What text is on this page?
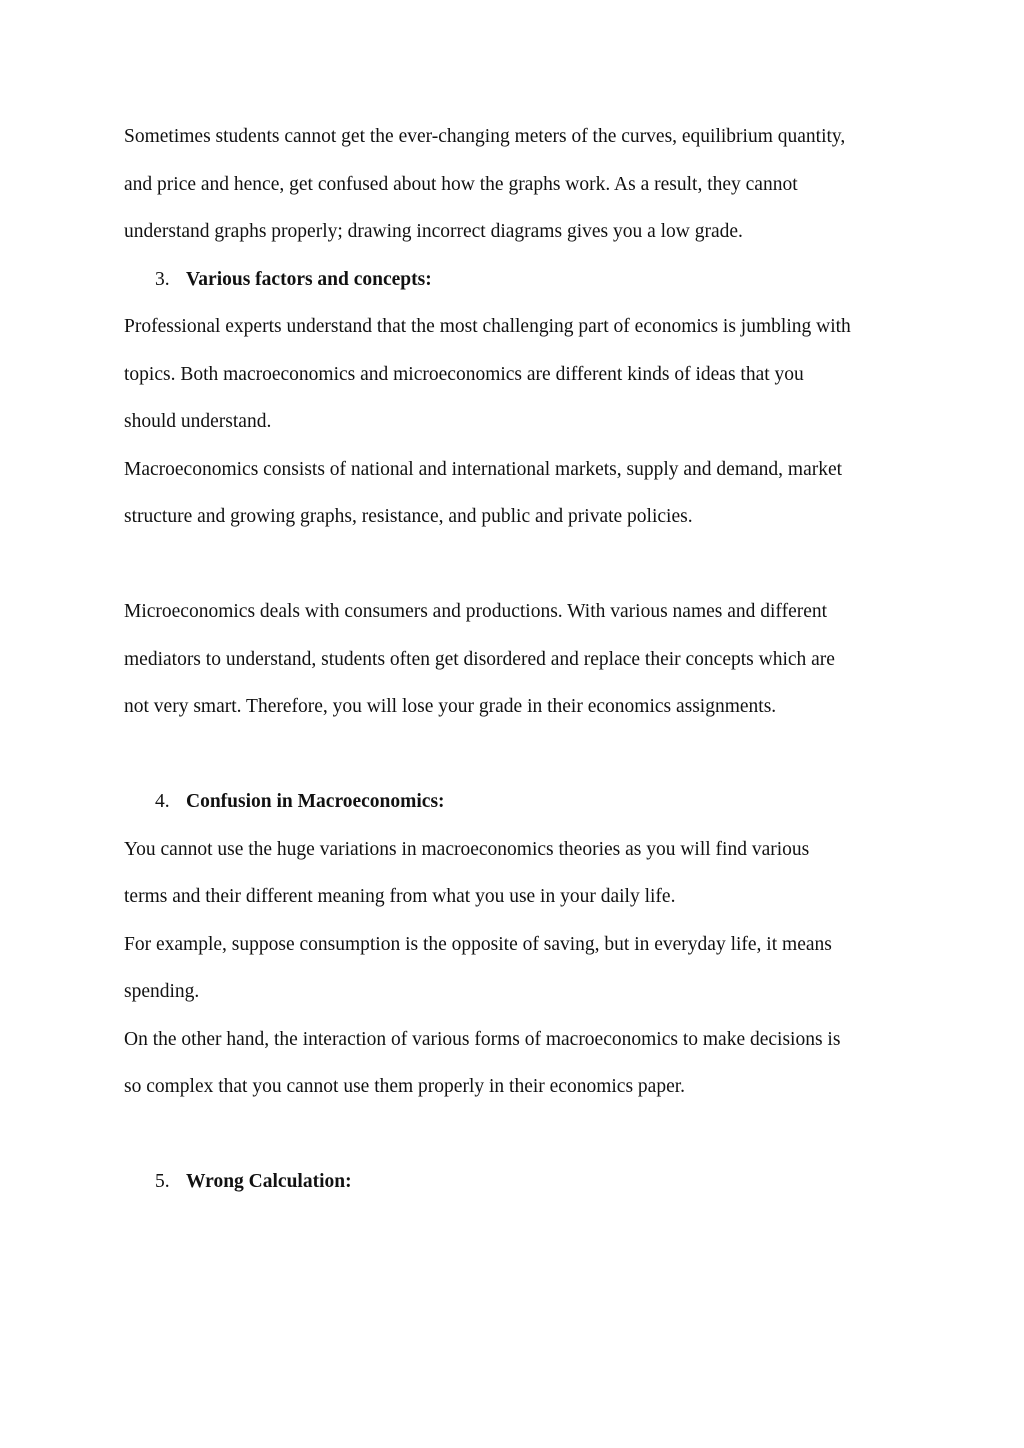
Sometimes students cannot get the ever-changing meters of the curves, equilibrium quantity,
and price and hence, get confused about how the graphs work. As a result, they cannot
understand graphs properly; drawing incorrect diagrams gives you a low grade.
3. Various factors and concepts:
Professional experts understand that the most challenging part of economics is jumbling with
topics. Both macroeconomics and microeconomics are different kinds of ideas that you
should understand.
Macroeconomics consists of national and international markets, supply and demand, market
structure and growing graphs, resistance, and public and private policies.
Microeconomics deals with consumers and productions. With various names and different
mediators to understand, students often get disordered and replace their concepts which are
not very smart. Therefore, you will lose your grade in their economics assignments.
4. Confusion in Macroeconomics:
You cannot use the huge variations in macroeconomics theories as you will find various
terms and their different meaning from what you use in your daily life.
For example, suppose consumption is the opposite of saving, but in everyday life, it means
spending.
On the other hand, the interaction of various forms of macroeconomics to make decisions is
so complex that you cannot use them properly in their economics paper.
5. Wrong Calculation:
